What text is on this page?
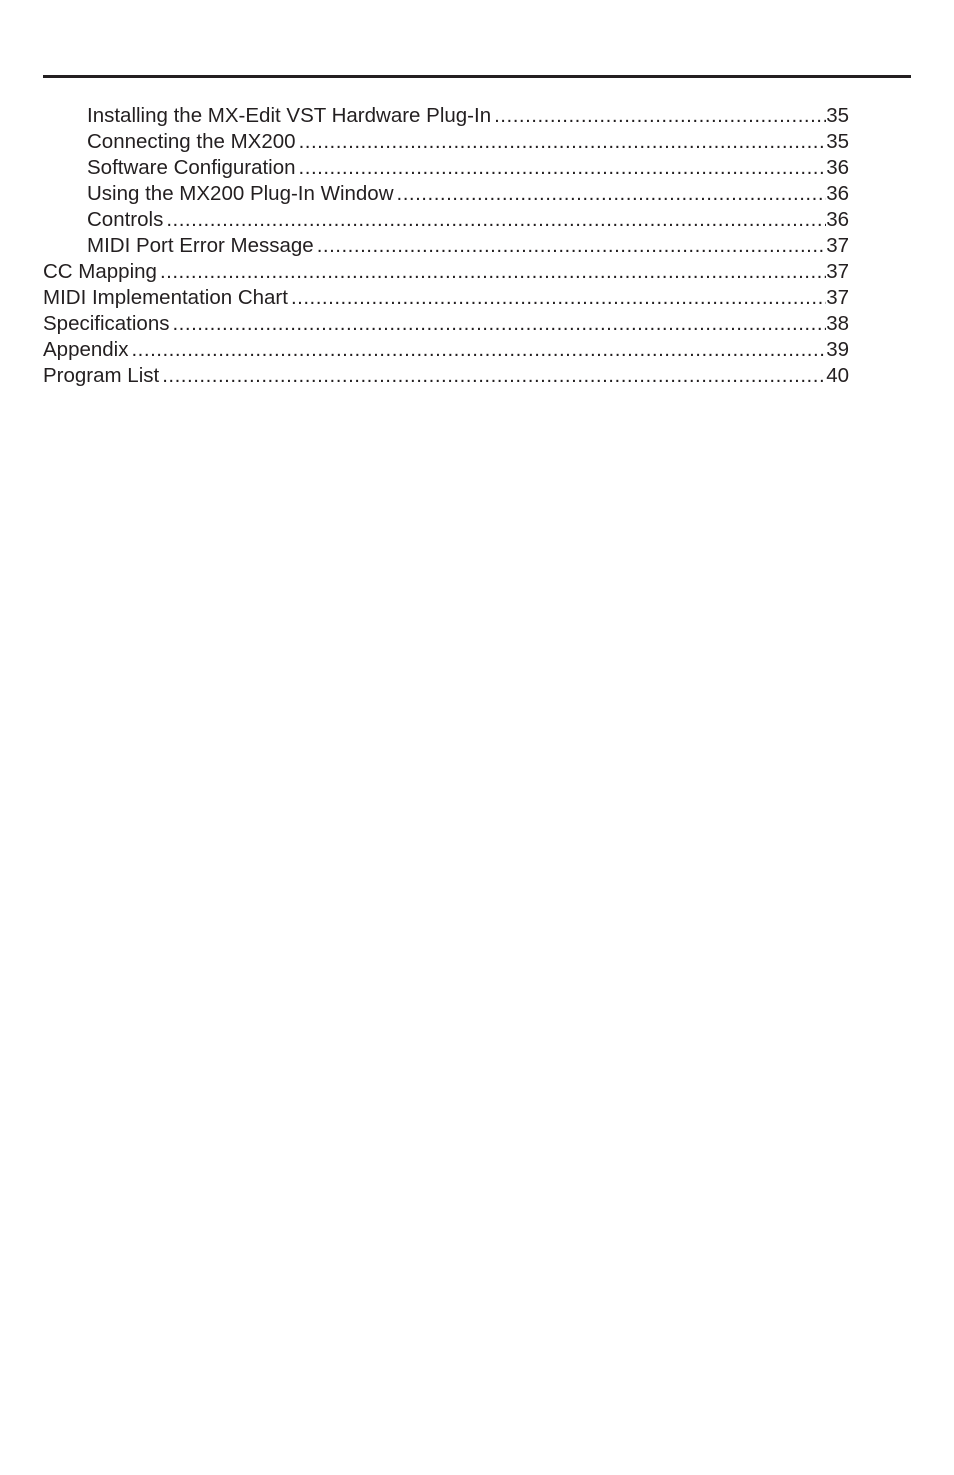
Installing the MX-Edit VST Hardware Plug-In .....	35
Connecting the MX200 .....	35
Software Configuration .....	36
Using the MX200 Plug-In Window .....	36
Controls .....	36
MIDI Port Error Message .....	37
CC Mapping .....	37
MIDI Implementation Chart .....	37
Specifications .....	38
Appendix .....	39
Program List .....	40
